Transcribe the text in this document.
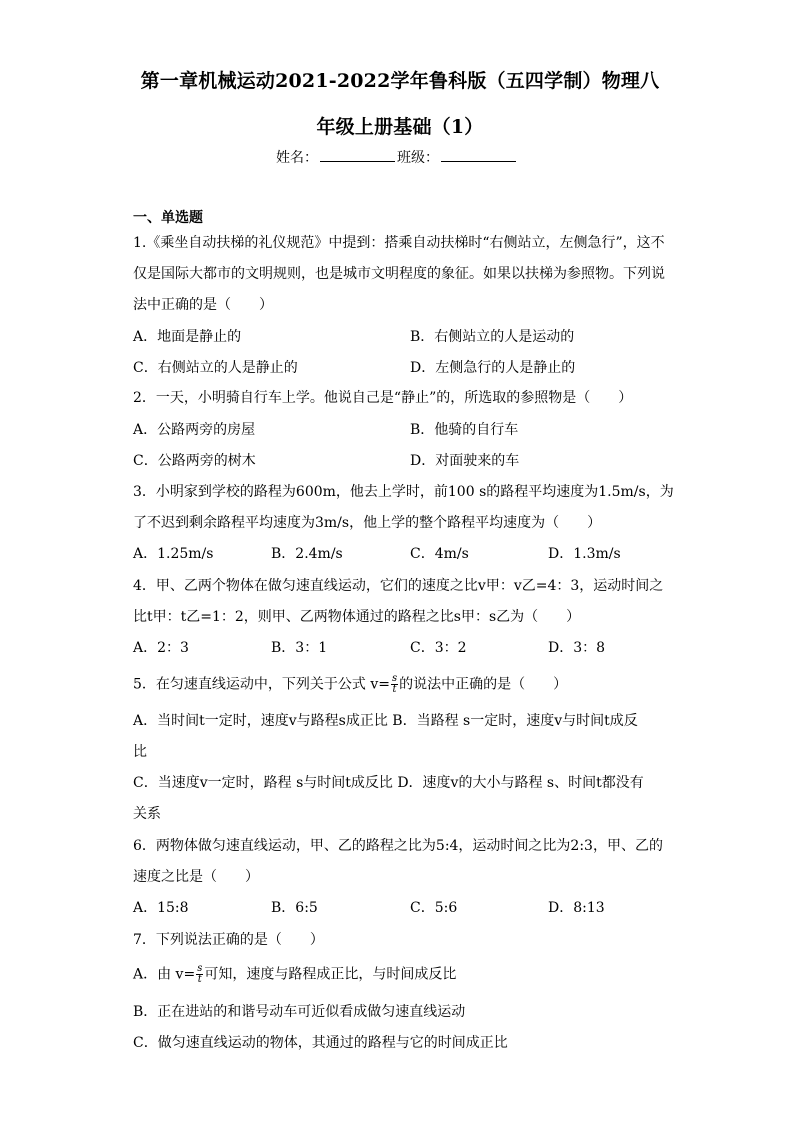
第一章机械运动2021-2022学年鲁科版（五四学制）物理八
年级上册基础（1）
姓名：	班级：
一、单选题
1.《乘坐自动扶梯的礼仪规范》中提到：搭乘自动扶梯时“右侧站立，左侧急行”，这不
仅是国际大都市的文明规则，也是城市文明程度的象征。如果以扶梯为参照物。下列说
法中正确的是（　　）
A．地面是静止的	B．右侧站立的人是运动的
C．右侧站立的人是静止的	D．左侧急行的人是静止的
2．一天，小明骑自行车上学。他说自己是“静止”的，所选取的参照物是（　　）
A．公路两旁的房屋	B．他骑的自行车
C．公路两旁的树木	D．对面驶来的车
3．小明家到学校的路程为600m，他去上学时，前100 s的路程平均速度为1.5m/s，为
了不迟到剩余路程平均速度为3m/s，他上学的整个路程平均速度为（　　）
A．1.25m/s	B．2.4m/s	C．4m/s	D．1.3m/s
4．甲、乙两个物体在做匀速直线运动，它们的速度之比v甲：v乙=4：3，运动时间之
比t甲：t乙=1：2，则甲、乙两物体通过的路程之比s甲：s乙为（　　）
A．2：3	B．3：1	C．3：2	D．3：8
5．在匀速直线运动中，下列关于公式 $v= \frac{s}{t}$ 的说法中正确的是（　　）
A．当时间t一定时，速度v与路程s成正比 B．当路程 s一定时，速度v与时间t成反
比
C．当速度v一定时，路程 s与时间t成反比 D．速度v的大小与路程 s、时间t都没有
关系
6．两物体做匀速直线运动，甲、乙的路程之比为5:4，运动时间之比为2:3，甲、乙的
速度之比是（　　）
A．15:8	B．6:5	C．5:6	D．8:13
7．下列说法正确的是（　　）
A．由 $v= \frac{s}{t}$ 可知，速度与路程成正比，与时间成反比
B．正在进站的和谐号动车可近似看成做匀速直线运动
C．做匀速直线运动的物体，其通过的路程与它的时间成正比
